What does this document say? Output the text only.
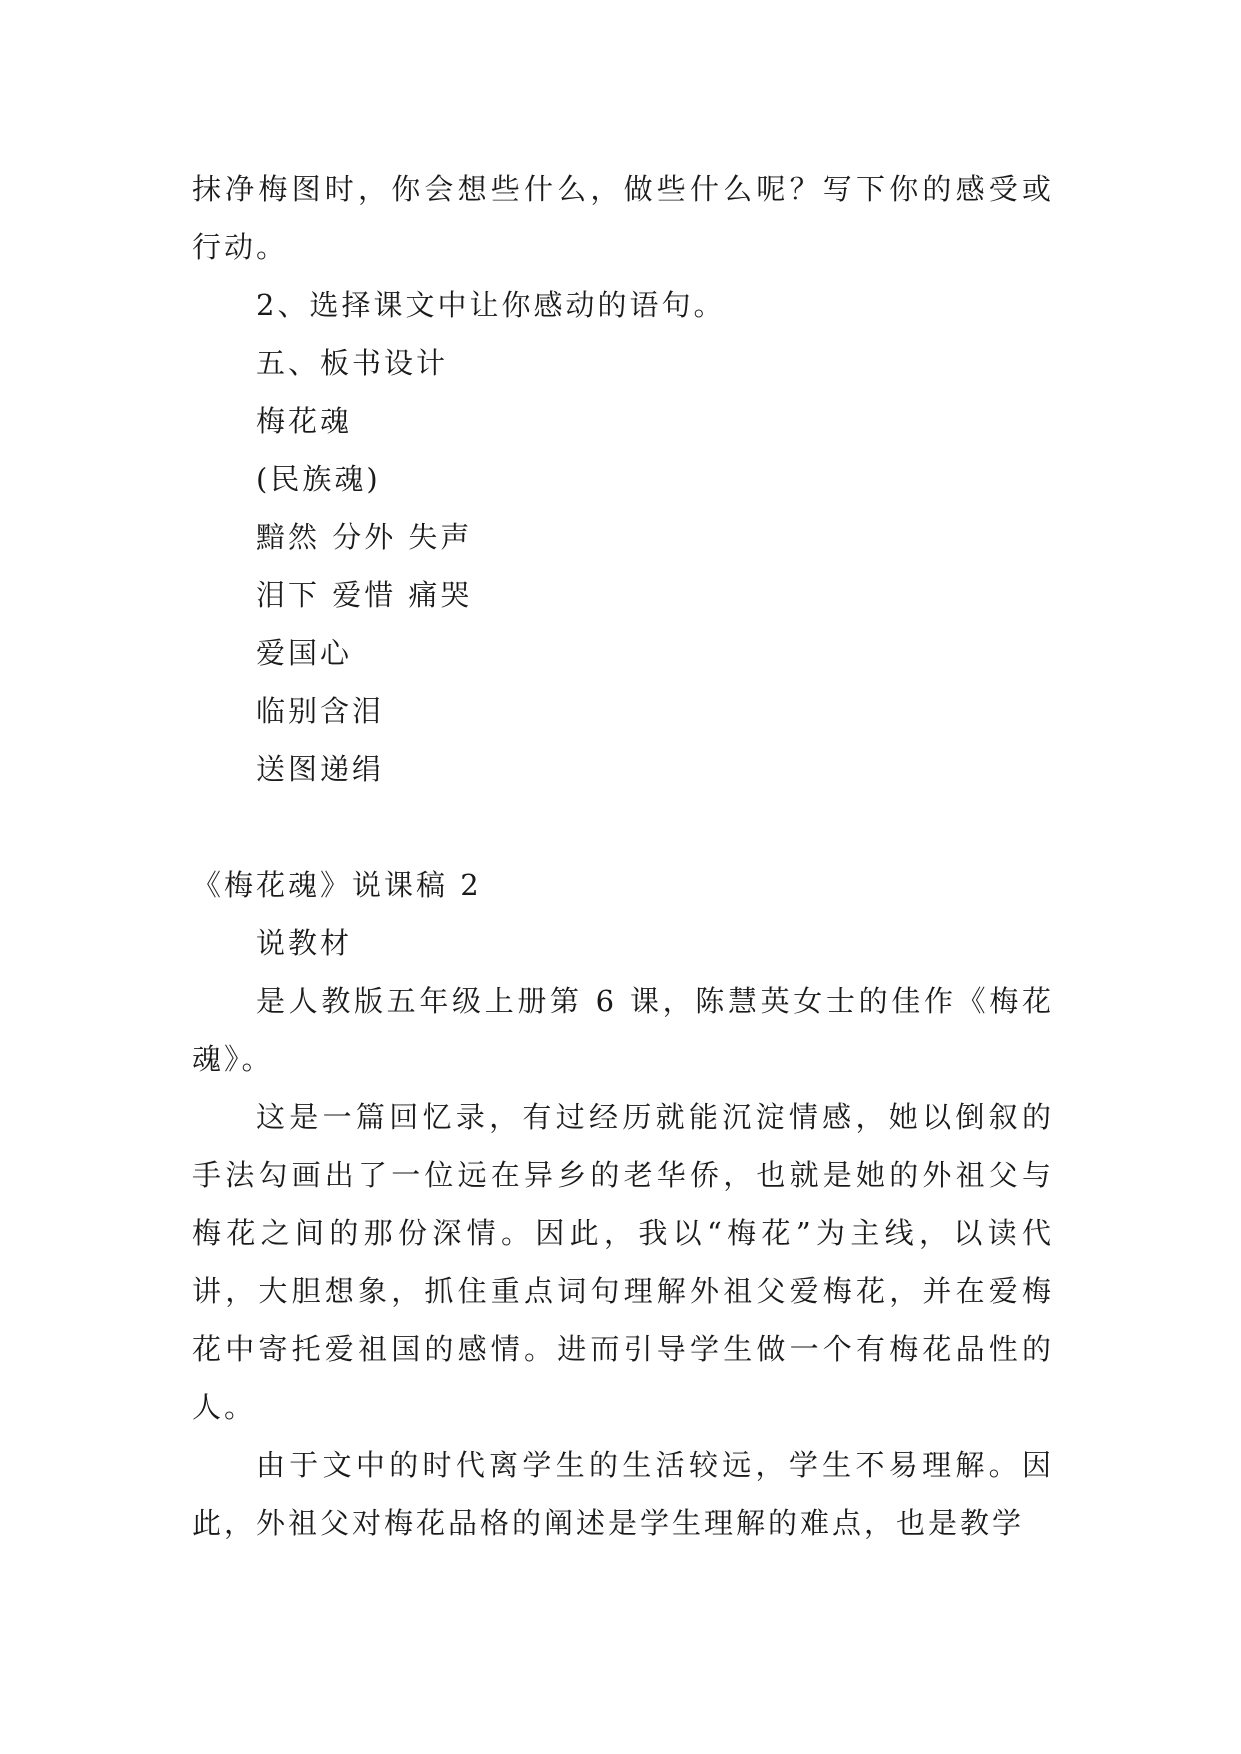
抹净梅图时，你会想些什么，做些什么呢？写下你的感受或行动。

2、选择课文中让你感动的语句。

五、板书设计

梅花魂

(民族魂)

黯然 分外 失声

泪下 爱惜 痛哭

爱国心

临别含泪

送图递绢

《梅花魂》说课稿 2

说教材

是人教版五年级上册第 6 课，陈慧英女士的佳作《梅花魂》。

这是一篇回忆录，有过经历就能沉淀情感，她以倒叙的手法勾画出了一位远在异乡的老华侨，也就是她的外祖父与梅花之间的那份深情。因此，我以“梅花”为主线，以读代讲，大胆想象，抓住重点词句理解外祖父爱梅花，并在爱梅花中寄托爱祖国的感情。进而引导学生做一个有梅花品性的人。

由于文中的时代离学生的生活较远，学生不易理解。因此，外祖父对梅花品格的阐述是学生理解的难点，也是教学
